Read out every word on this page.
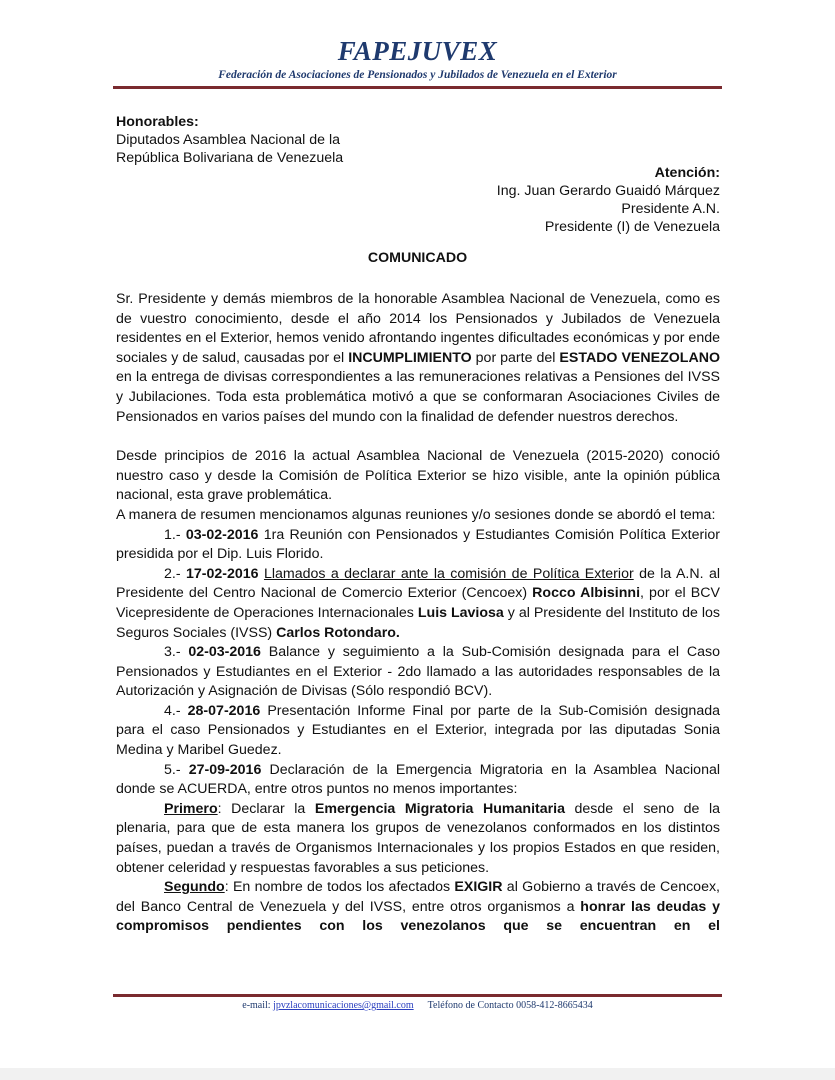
FAPEJUVEX
Federación de Asociaciones de Pensionados y Jubilados de Venezuela en el Exterior
Honorables:
Diputados Asamblea Nacional de la
República Bolivariana de Venezuela
Atención:
Ing. Juan Gerardo Guaidó Márquez
Presidente A.N.
Presidente (I) de Venezuela
COMUNICADO

Sr. Presidente y demás miembros de la honorable Asamblea Nacional de Venezuela, como es de vuestro conocimiento, desde el año 2014 los Pensionados y Jubilados de Venezuela residentes en el Exterior, hemos venido afrontando ingentes dificultades económicas y por ende sociales y de salud, causadas por el INCUMPLIMIENTO por parte del ESTADO VENEZOLANO en la entrega de divisas correspondientes a las remuneraciones relativas a Pensiones del IVSS y Jubilaciones. Toda esta problemática motivó a que se conformaran Asociaciones Civiles de Pensionados en varios países del mundo con la finalidad de defender nuestros derechos.

Desde principios de 2016 la actual Asamblea Nacional de Venezuela (2015-2020) conoció nuestro caso y desde la Comisión de Política Exterior se hizo visible, ante la opinión pública nacional, esta grave problemática.

A manera de resumen mencionamos algunas reuniones y/o sesiones donde se abordó el tema:

1.- 03-02-2016 1ra Reunión con Pensionados y Estudiantes Comisión Política Exterior presidida por el Dip. Luis Florido.

2.- 17-02-2016 Llamados a declarar ante la comisión de Política Exterior de la A.N. al Presidente del Centro Nacional de Comercio Exterior (Cencoex) Rocco Albisinni, por el BCV Vicepresidente de Operaciones Internacionales Luis Laviosa y al Presidente del Instituto de los Seguros Sociales (IVSS) Carlos Rotondaro.

3.- 02-03-2016 Balance y seguimiento a la Sub-Comisión designada para el Caso Pensionados y Estudiantes en el Exterior - 2do llamado a las autoridades responsables de la Autorización y Asignación de Divisas (Sólo respondió BCV).

4.- 28-07-2016 Presentación Informe Final por parte de la Sub-Comisión designada para el caso Pensionados y Estudiantes en el Exterior, integrada por las diputadas Sonia Medina y Maribel Guedez.

5.- 27-09-2016 Declaración de la Emergencia Migratoria en la Asamblea Nacional donde se ACUERDA, entre otros puntos no menos importantes:

Primero: Declarar la Emergencia Migratoria Humanitaria desde el seno de la plenaria, para que de esta manera los grupos de venezolanos conformados en los distintos países, puedan a través de Organismos Internacionales y los propios Estados en que residen, obtener celeridad y respuestas favorables a sus peticiones.

Segundo: En nombre de todos los afectados EXIGIR al Gobierno a través de Cencoex, del Banco Central de Venezuela y del IVSS, entre otros organismos a honrar las deudas y compromisos pendientes con los venezolanos que se encuentran en el

e-mail: jpvzlacomunicaciones@gmail.com Teléfono de Contacto 0058-412-8665434
